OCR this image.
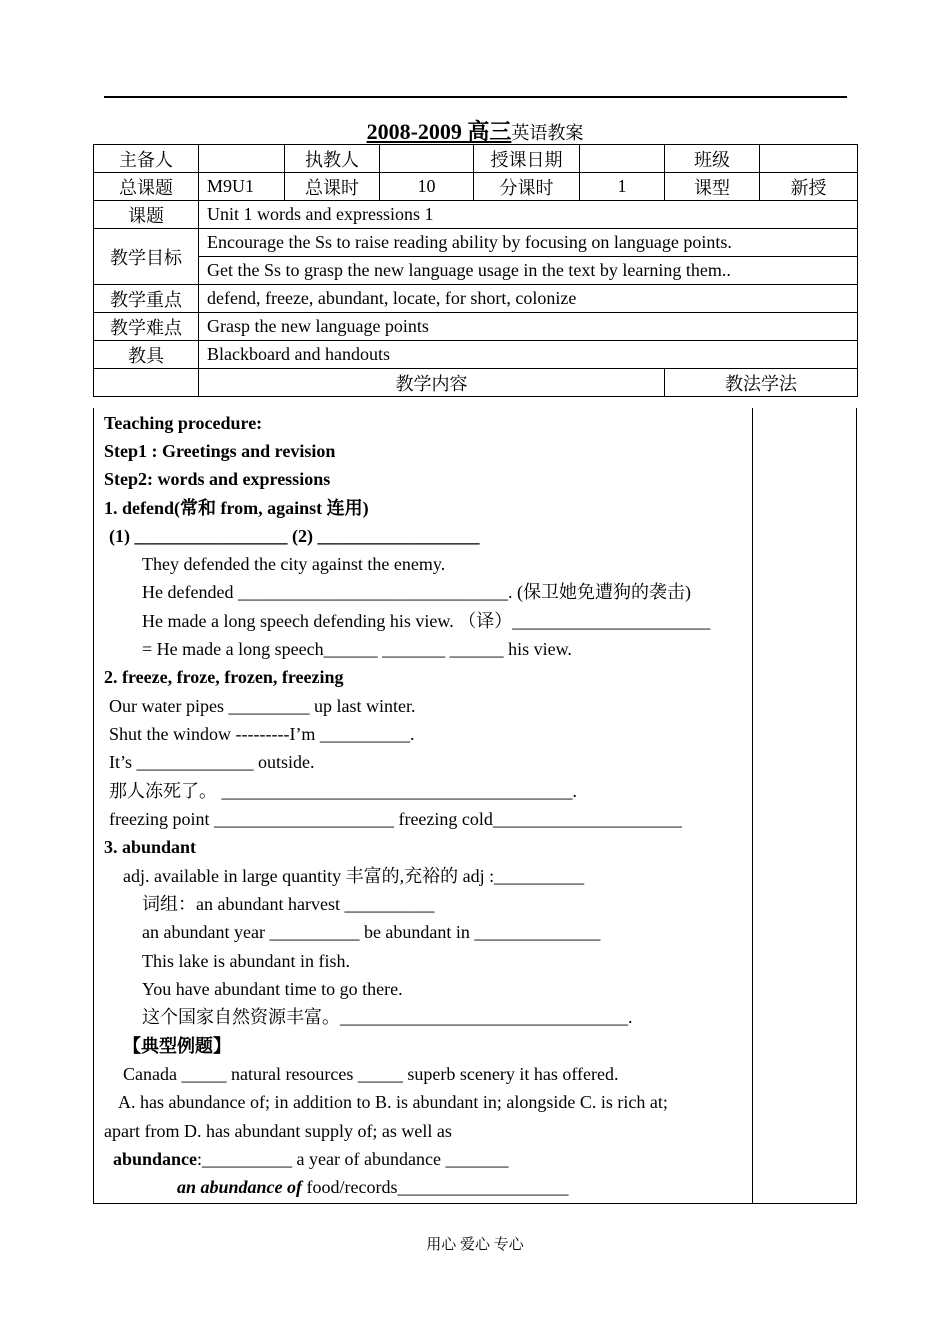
2008-2009 高三英语教案
主备人		执教人		授课日期		班级	
总课题	M9U1	总课时	10	分课时	1	课型	新授
课题	Unit 1 words and expressions 1						
教学目标	Encourage the Ss to raise reading ability by focusing on language points.						
	Get the Ss to grasp the new language usage in the text by learning them..						
教学重点	defend, freeze, abundant, locate, for short, colonize						
教学难点	Grasp the new language points						
教具	Blackboard and handouts						
	教学内容					教法学法	
Teaching procedure:
Step1 : Greetings and revision
Step2: words and expressions
1. defend(常和 from, against 连用)
(1) _________________ (2) __________________
They defended the city against the enemy.
He defended ______________________________. (保卫她免遭狗的袭击)
He made a long speech defending his view. （译）______________________
= He made a long speech______ _______ ______ his view.
2. freeze, froze, frozen, freezing
Our water pipes _________ up last winter.
Shut the window ---------I’m __________.
It’s _____________ outside.
那人冻死了。 _______________________________________.
freezing point ____________________ freezing cold_____________________
3. abundant
adj. available in large quantity 丰富的,充裕的 adj :__________
词组：an abundant harvest __________
an abundant year __________ be abundant in ______________
This lake is abundant in fish.
You have abundant time to go there.
这个国家自然资源丰富。________________________________.
【典型例题】
Canada _____ natural resources _____ superb scenery it has offered.
A. has abundance of; in addition to B. is abundant in; alongside C. is rich at;
apart from D. has abundant supply of; as well as
abundance:__________ a year of abundance _______
an abundance of food/records___________________
用心 爱心 专心
